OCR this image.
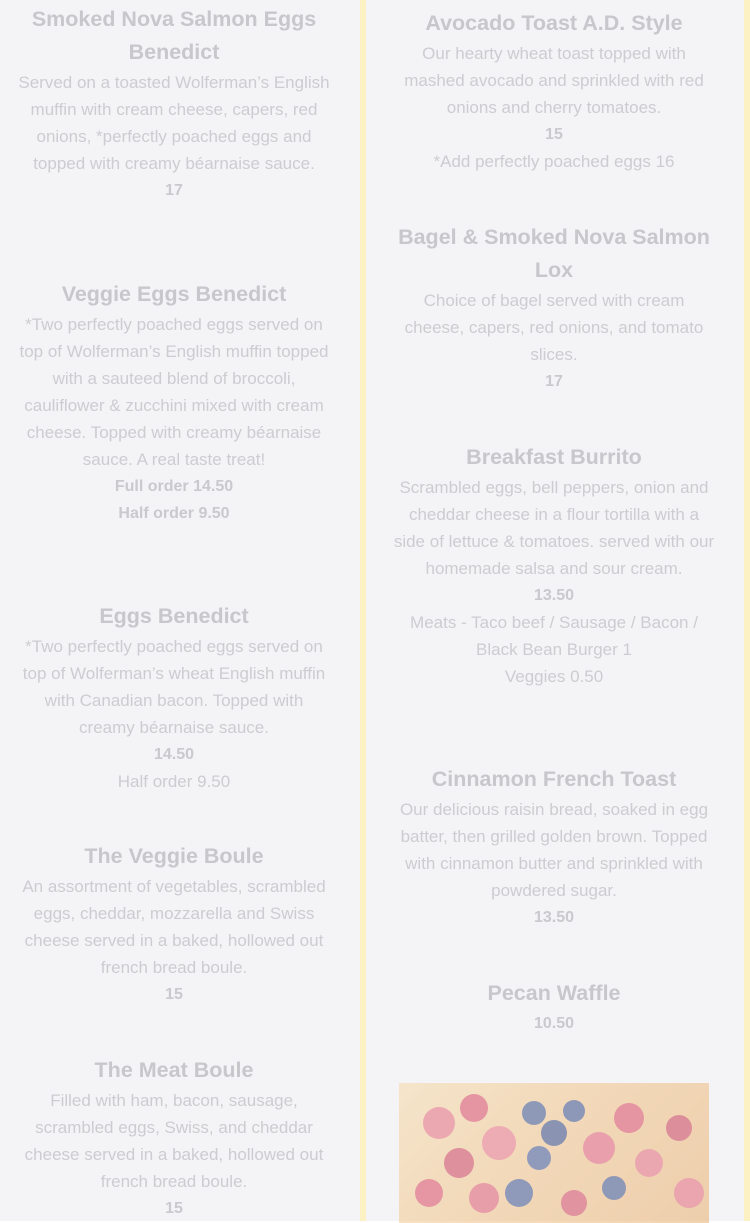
Smoked Nova Salmon Eggs Benedict
Served on a toasted Wolferman’s English muffin with cream cheese, capers, red onions, *perfectly poached eggs and topped with creamy béarnaise sauce.
17
Veggie Eggs Benedict
*Two perfectly poached eggs served on top of Wolferman’s English muffin topped with a sauteed blend of broccoli, cauliflower & zucchini mixed with cream cheese. Topped with creamy béarnaise sauce. A real taste treat!
Full order 14.50
Half order 9.50
Eggs Benedict
*Two perfectly poached eggs served on top of Wolferman’s wheat English muffin with Canadian bacon. Topped with creamy béarnaise sauce.
14.50
Half order 9.50
The Veggie Boule
An assortment of vegetables, scrambled eggs, cheddar, mozzarella and Swiss cheese served in a baked, hollowed out french bread boule.
15
The Meat Boule
Filled with ham, bacon, sausage, scrambled eggs, Swiss, and cheddar cheese served in a baked, hollowed out french bread boule.
15
Avocado Toast A.D. Style
Our hearty wheat toast topped with mashed avocado and sprinkled with red onions and cherry tomatoes.
15
*Add perfectly poached eggs 16
Bagel & Smoked Nova Salmon Lox
Choice of bagel served with cream cheese, capers, red onions, and tomato slices.
17
Breakfast Burrito
Scrambled eggs, bell peppers, onion and cheddar cheese in a flour tortilla with a side of lettuce & tomatoes. served with our homemade salsa and sour cream.
13.50
Meats - Taco beef / Sausage / Bacon / Black Bean Burger 1
Veggies 0.50
Cinnamon French Toast
Our delicious raisin bread, soaked in egg batter, then grilled golden brown. Topped with cinnamon butter and sprinkled with powdered sugar.
13.50
Pecan Waffle
10.50
